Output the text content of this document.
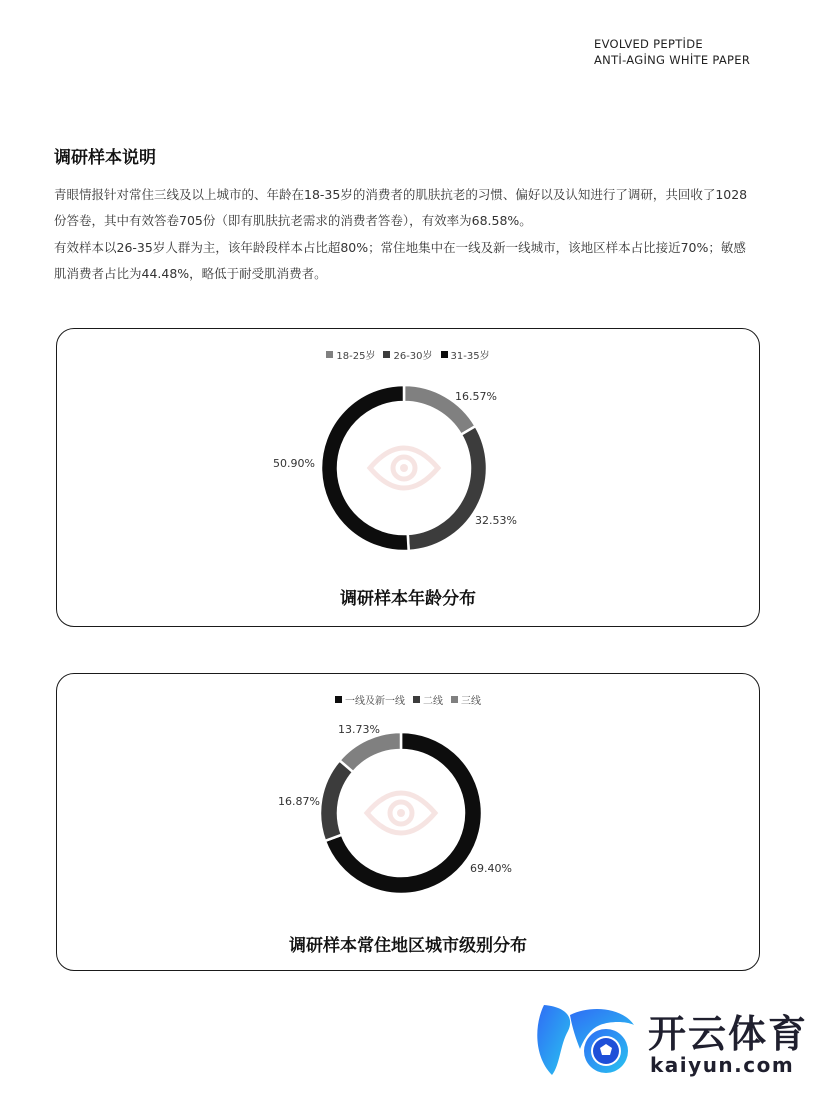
EVOLVED PEPTİDE
ANTİ-AGİNG WHİTE PAPER
调研样本说明
青眼情报针对常住三线及以上城市的、年龄在18-35岁的消费者的肌肤抗老的习惯、偏好以及认知进行了调研，共回收了1028份答卷，其中有效答卷705份（即有肌肤抗老需求的消费者答卷），有效率为68.58%。
有效样本以26-35岁人群为主，该年龄段样本占比超80%；常住地集中在一线及新一线城市，该地区样本占比接近70%；敏感肌消费者占比为44.48%，略低于耐受肌消费者。
18-25岁 26-30岁 31-35岁
16.57%
32.53%
50.90%
调研样本年龄分布
一线及新一线 二线 三线
69.40%
16.87%
13.73%
调研样本常住地区城市级别分布
开云体育
kaiyun.com
